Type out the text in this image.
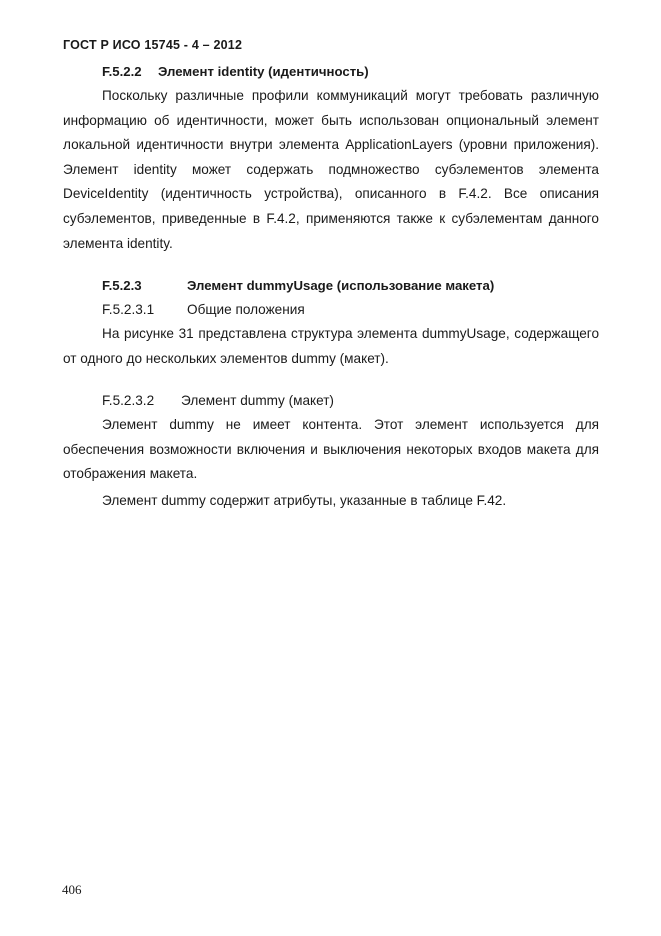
ГОСТ Р ИСО 15745 - 4 – 2012
F.5.2.2 Элемент identity (идентичность)

Поскольку различные профили коммуникаций могут требовать различную информацию об идентичности, может быть использован опциональный элемент локальной идентичности внутри элемента ApplicationLayers (уровни приложения). Элемент identity может содержать подмножество субэлементов элемента DeviceIdentity (идентичность устройства), описанного в F.4.2. Все описания субэлементов, приведенные в F.4.2, применяются также к субэлементам данного элемента identity.

F.5.2.3	Элемент dummyUsage (использование макета)
F.5.2.3.1 Общие положения

На рисунке 31 представлена структура элемента dummyUsage, содержащего от одного до нескольких элементов dummy (макет).

F.5.2.3.2 Элемент dummy (макет)

Элемент dummy не имеет контента. Этот элемент используется для обеспечения возможности включения и выключения некоторых входов макета для отображения макета.

Элемент dummy содержит атрибуты, указанные в таблице F.42.

406
